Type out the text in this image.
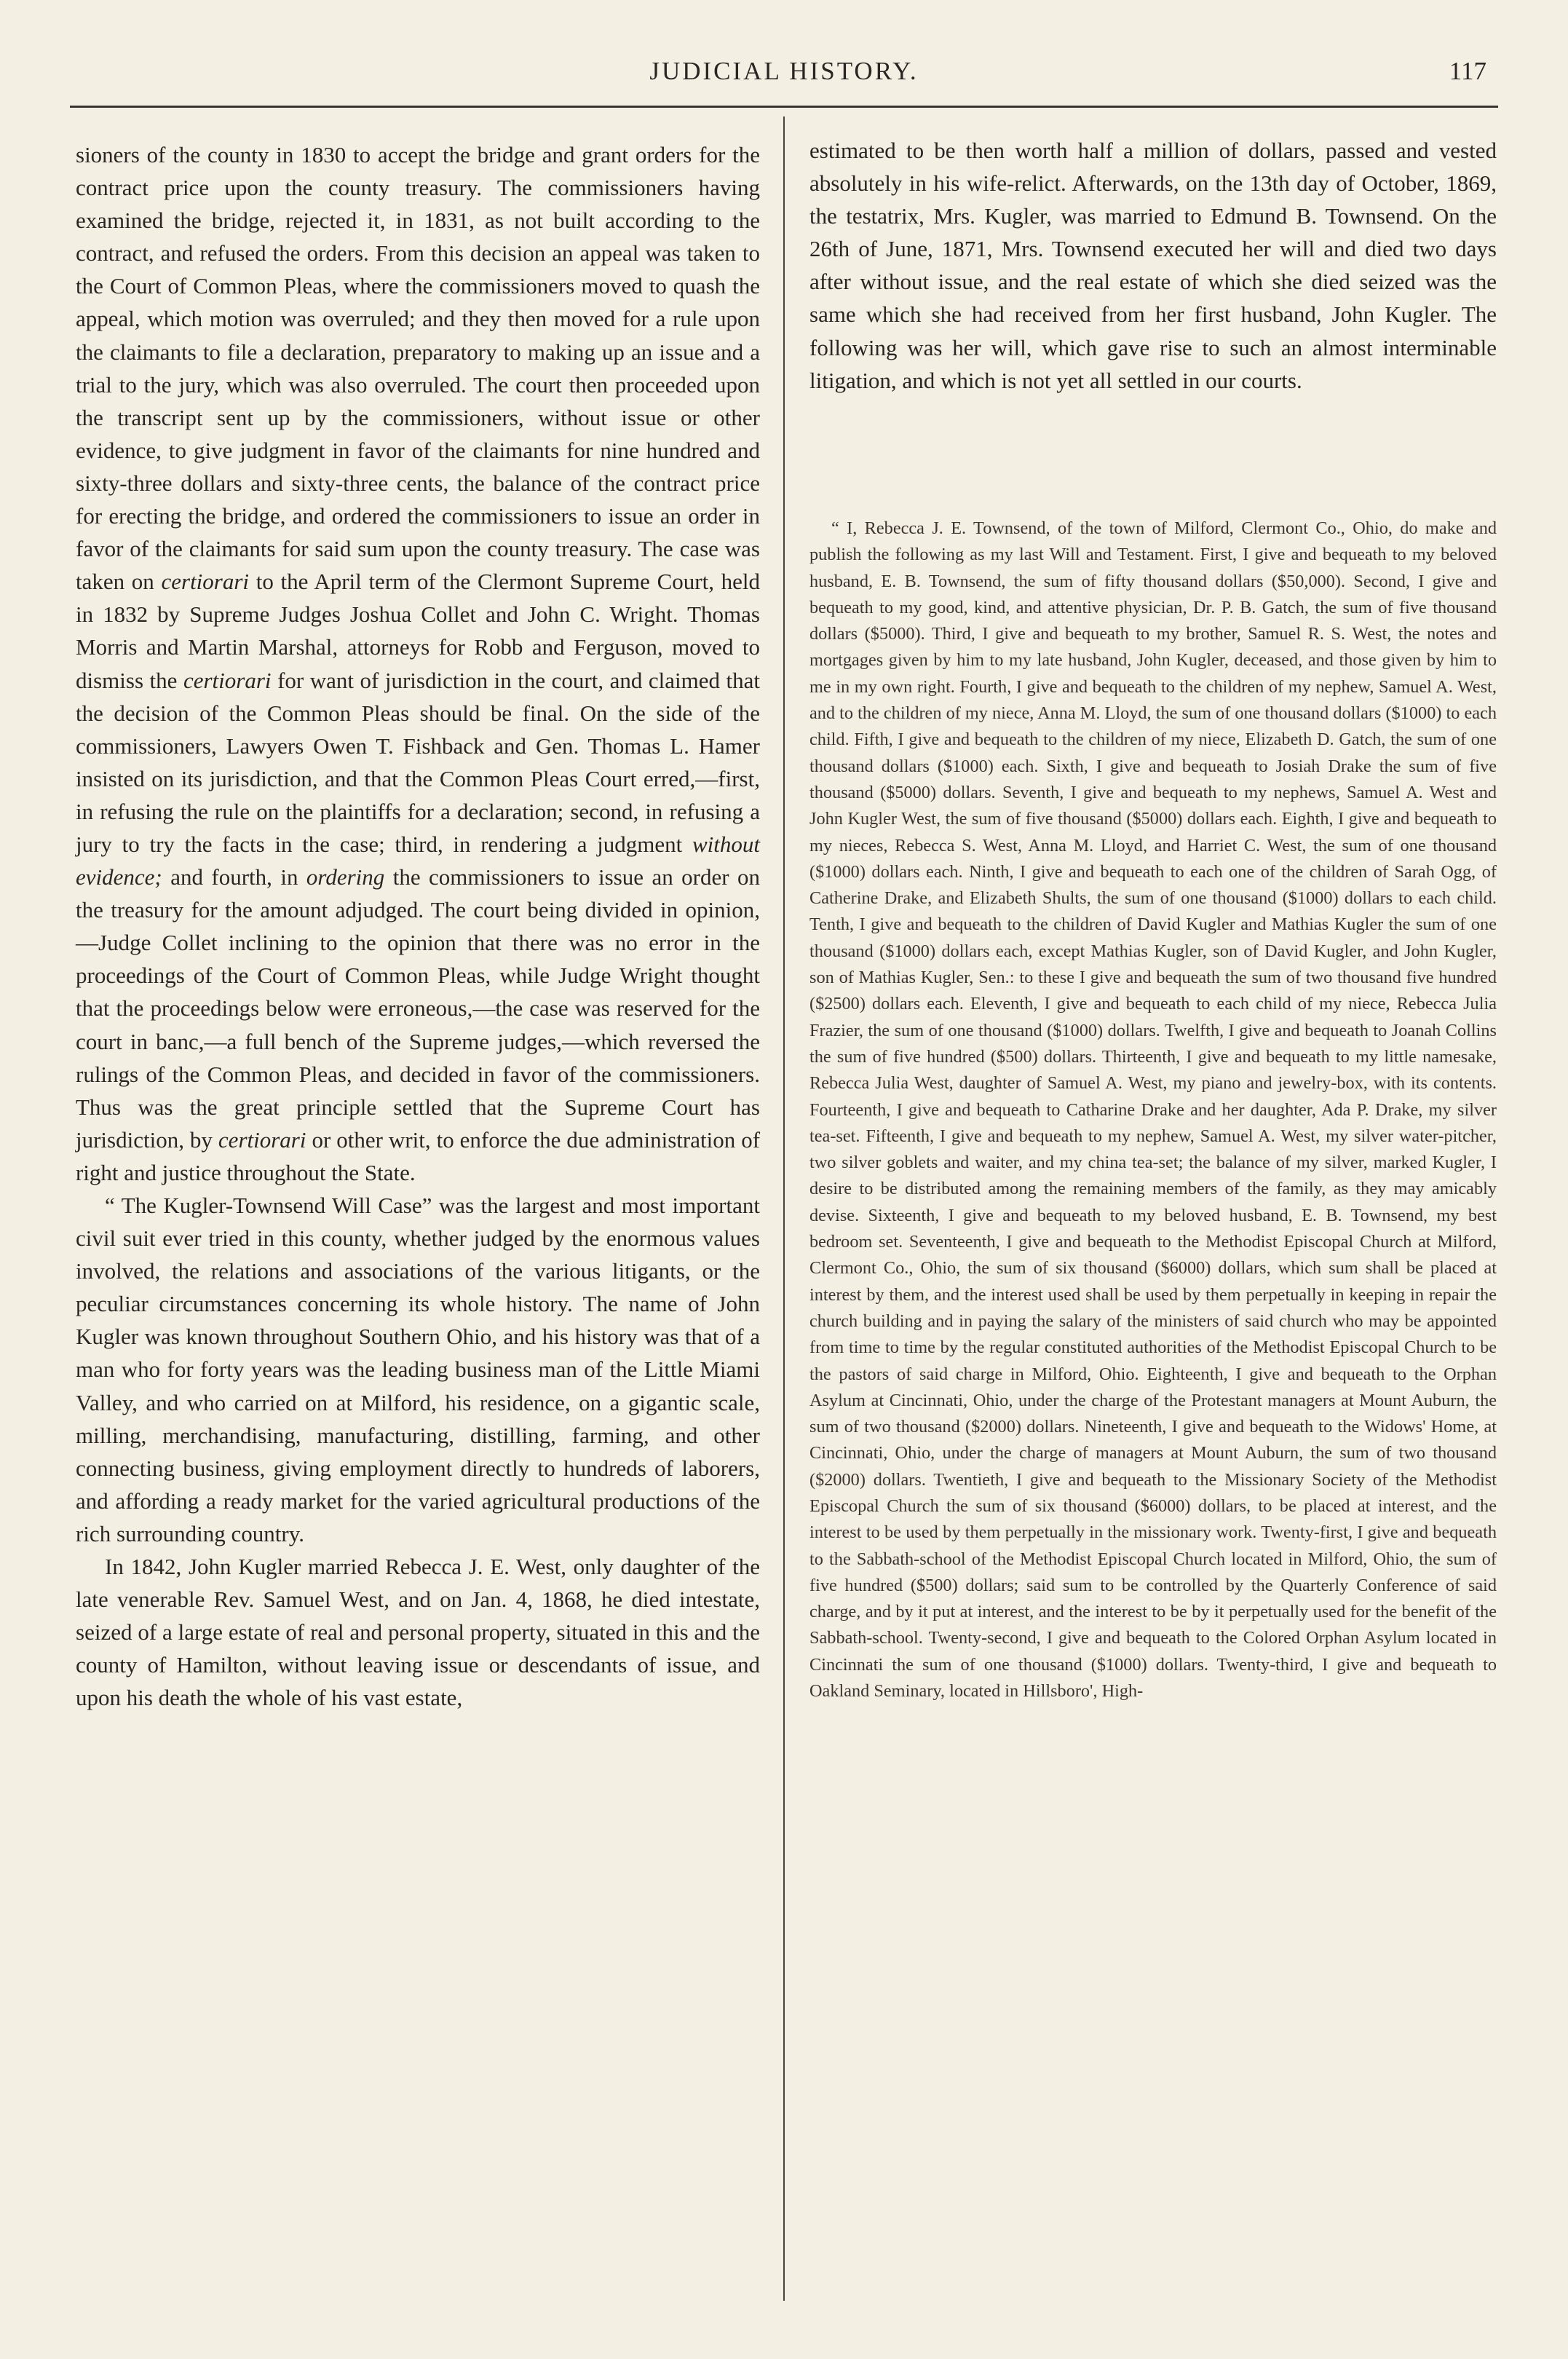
JUDICIAL HISTORY.	117

sioners of the county in 1830 to accept the bridge and grant orders for the contract price upon the county treasury. The commissioners having examined the bridge, rejected it, in 1831, as not built according to the contract, and refused the orders. From this decision an appeal was taken to the Court of Common Pleas, where the commissioners moved to quash the appeal, which motion was overruled; and they then moved for a rule upon the claimants to file a declaration, preparatory to making up an issue and a trial to the jury, which was also overruled. The court then proceeded upon the transcript sent up by the commissioners, without issue or other evidence, to give judgment in favor of the claimants for nine hundred and sixty-three dollars and sixty-three cents, the balance of the contract price for erecting the bridge, and ordered the commissioners to issue an order in favor of the claimants for said sum upon the county treasury. The case was taken on certiorari to the April term of the Clermont Supreme Court, held in 1832 by Supreme Judges Joshua Collet and John C. Wright. Thomas Morris and Martin Marshal, attorneys for Robb and Ferguson, moved to dismiss the certiorari for want of jurisdiction in the court, and claimed that the decision of the Common Pleas should be final. On the side of the commissioners, Lawyers Owen T. Fishback and Gen. Thomas L. Hamer insisted on its jurisdiction, and that the Common Pleas Court erred,—first, in refusing the rule on the plaintiffs for a declaration; second, in refusing a jury to try the facts in the case; third, in rendering a judgment without evidence; and fourth, in ordering the commissioners to issue an order on the treasury for the amount adjudged. The court being divided in opinion,—Judge Collet inclining to the opinion that there was no error in the proceedings of the Court of Common Pleas, while Judge Wright thought that the proceedings below were erroneous,—the case was reserved for the court in banc,—a full bench of the Supreme judges,—which reversed the rulings of the Common Pleas, and decided in favor of the commissioners. Thus was the great principle settled that the Supreme Court has jurisdiction, by certiorari or other writ, to enforce the due administration of right and justice throughout the State.

“ The Kugler-Townsend Will Case” was the largest and most important civil suit ever tried in this county, whether judged by the enormous values involved, the relations and associations of the various litigants, or the peculiar circumstances concerning its whole history. The name of John Kugler was known throughout Southern Ohio, and his history was that of a man who for forty years was the leading business man of the Little Miami Valley, and who carried on at Milford, his residence, on a gigantic scale, milling, merchandising, manufacturing, distilling, farming, and other connecting business, giving employment directly to hundreds of laborers, and affording a ready market for the varied agricultural productions of the rich surrounding country.

In 1842, John Kugler married Rebecca J. E. West, only daughter of the late venerable Rev. Samuel West, and on Jan. 4, 1868, he died intestate, seized of a large estate of real and personal property, situated in this and the county of Hamilton, without leaving issue or descendants of issue, and upon his death the whole of his vast estate,

estimated to be then worth half a million of dollars, passed and vested absolutely in his wife-relict. Afterwards, on the 13th day of October, 1869, the testatrix, Mrs. Kugler, was married to Edmund B. Townsend. On the 26th of June, 1871, Mrs. Townsend executed her will and died two days after without issue, and the real estate of which she died seized was the same which she had received from her first husband, John Kugler. The following was her will, which gave rise to such an almost interminable litigation, and which is not yet all settled in our courts.

“ I, Rebecca J. E. Townsend, of the town of Milford, Clermont Co., Ohio, do make and publish the following as my last Will and Testament. First, I give and bequeath to my beloved husband, E. B. Townsend, the sum of fifty thousand dollars ($50,000). Second, I give and bequeath to my good, kind, and attentive physician, Dr. P. B. Gatch, the sum of five thousand dollars ($5000). Third, I give and bequeath to my brother, Samuel R. S. West, the notes and mortgages given by him to my late husband, John Kugler, deceased, and those given by him to me in my own right. Fourth, I give and bequeath to the children of my nephew, Samuel A. West, and to the children of my niece, Anna M. Lloyd, the sum of one thousand dollars ($1000) to each child. Fifth, I give and bequeath to the children of my niece, Elizabeth D. Gatch, the sum of one thousand dollars ($1000) each. Sixth, I give and bequeath to Josiah Drake the sum of five thousand ($5000) dollars. Seventh, I give and bequeath to my nephews, Samuel A. West and John Kugler West, the sum of five thousand ($5000) dollars each. Eighth, I give and bequeath to my nieces, Rebecca S. West, Anna M. Lloyd, and Harriet C. West, the sum of one thousand ($1000) dollars each. Ninth, I give and bequeath to each one of the children of Sarah Ogg, of Catherine Drake, and Elizabeth Shults, the sum of one thousand ($1000) dollars to each child. Tenth, I give and bequeath to the children of David Kugler and Mathias Kugler the sum of one thousand ($1000) dollars each, except Mathias Kugler, son of David Kugler, and John Kugler, son of Mathias Kugler, Sen.: to these I give and bequeath the sum of two thousand five hundred ($2500) dollars each. Eleventh, I give and bequeath to each child of my niece, Rebecca Julia Frazier, the sum of one thousand ($1000) dollars. Twelfth, I give and bequeath to Joanah Collins the sum of five hundred ($500) dollars. Thirteenth, I give and bequeath to my little namesake, Rebecca Julia West, daughter of Samuel A. West, my piano and jewelry-box, with its contents. Fourteenth, I give and bequeath to Catharine Drake and her daughter, Ada P. Drake, my silver tea-set. Fifteenth, I give and bequeath to my nephew, Samuel A. West, my silver water-pitcher, two silver goblets and waiter, and my china tea-set; the balance of my silver, marked Kugler, I desire to be distributed among the remaining members of the family, as they may amicably devise. Sixteenth, I give and bequeath to my beloved husband, E. B. Townsend, my best bedroom set. Seventeenth, I give and bequeath to the Methodist Episcopal Church at Milford, Clermont Co., Ohio, the sum of six thousand ($6000) dollars, which sum shall be placed at interest by them, and the interest used shall be used by them perpetually in keeping in repair the church building and in paying the salary of the ministers of said church who may be appointed from time to time by the regular constituted authorities of the Methodist Episcopal Church to be the pastors of said charge in Milford, Ohio. Eighteenth, I give and bequeath to the Orphan Asylum at Cincinnati, Ohio, under the charge of the Protestant managers at Mount Auburn, the sum of two thousand ($2000) dollars. Nineteenth, I give and bequeath to the Widows' Home, at Cincinnati, Ohio, under the charge of managers at Mount Auburn, the sum of two thousand ($2000) dollars. Twentieth, I give and bequeath to the Missionary Society of the Methodist Episcopal Church the sum of six thousand ($6000) dollars, to be placed at interest, and the interest to be used by them perpetually in the missionary work. Twenty-first, I give and bequeath to the Sabbath-school of the Methodist Episcopal Church located in Milford, Ohio, the sum of five hundred ($500) dollars; said sum to be controlled by the Quarterly Conference of said charge, and by it put at interest, and the interest to be by it perpetually used for the benefit of the Sabbath-school. Twenty-second, I give and bequeath to the Colored Orphan Asylum located in Cincinnati the sum of one thousand ($1000) dollars. Twenty-third, I give and bequeath to Oakland Seminary, located in Hillsboro', High-
